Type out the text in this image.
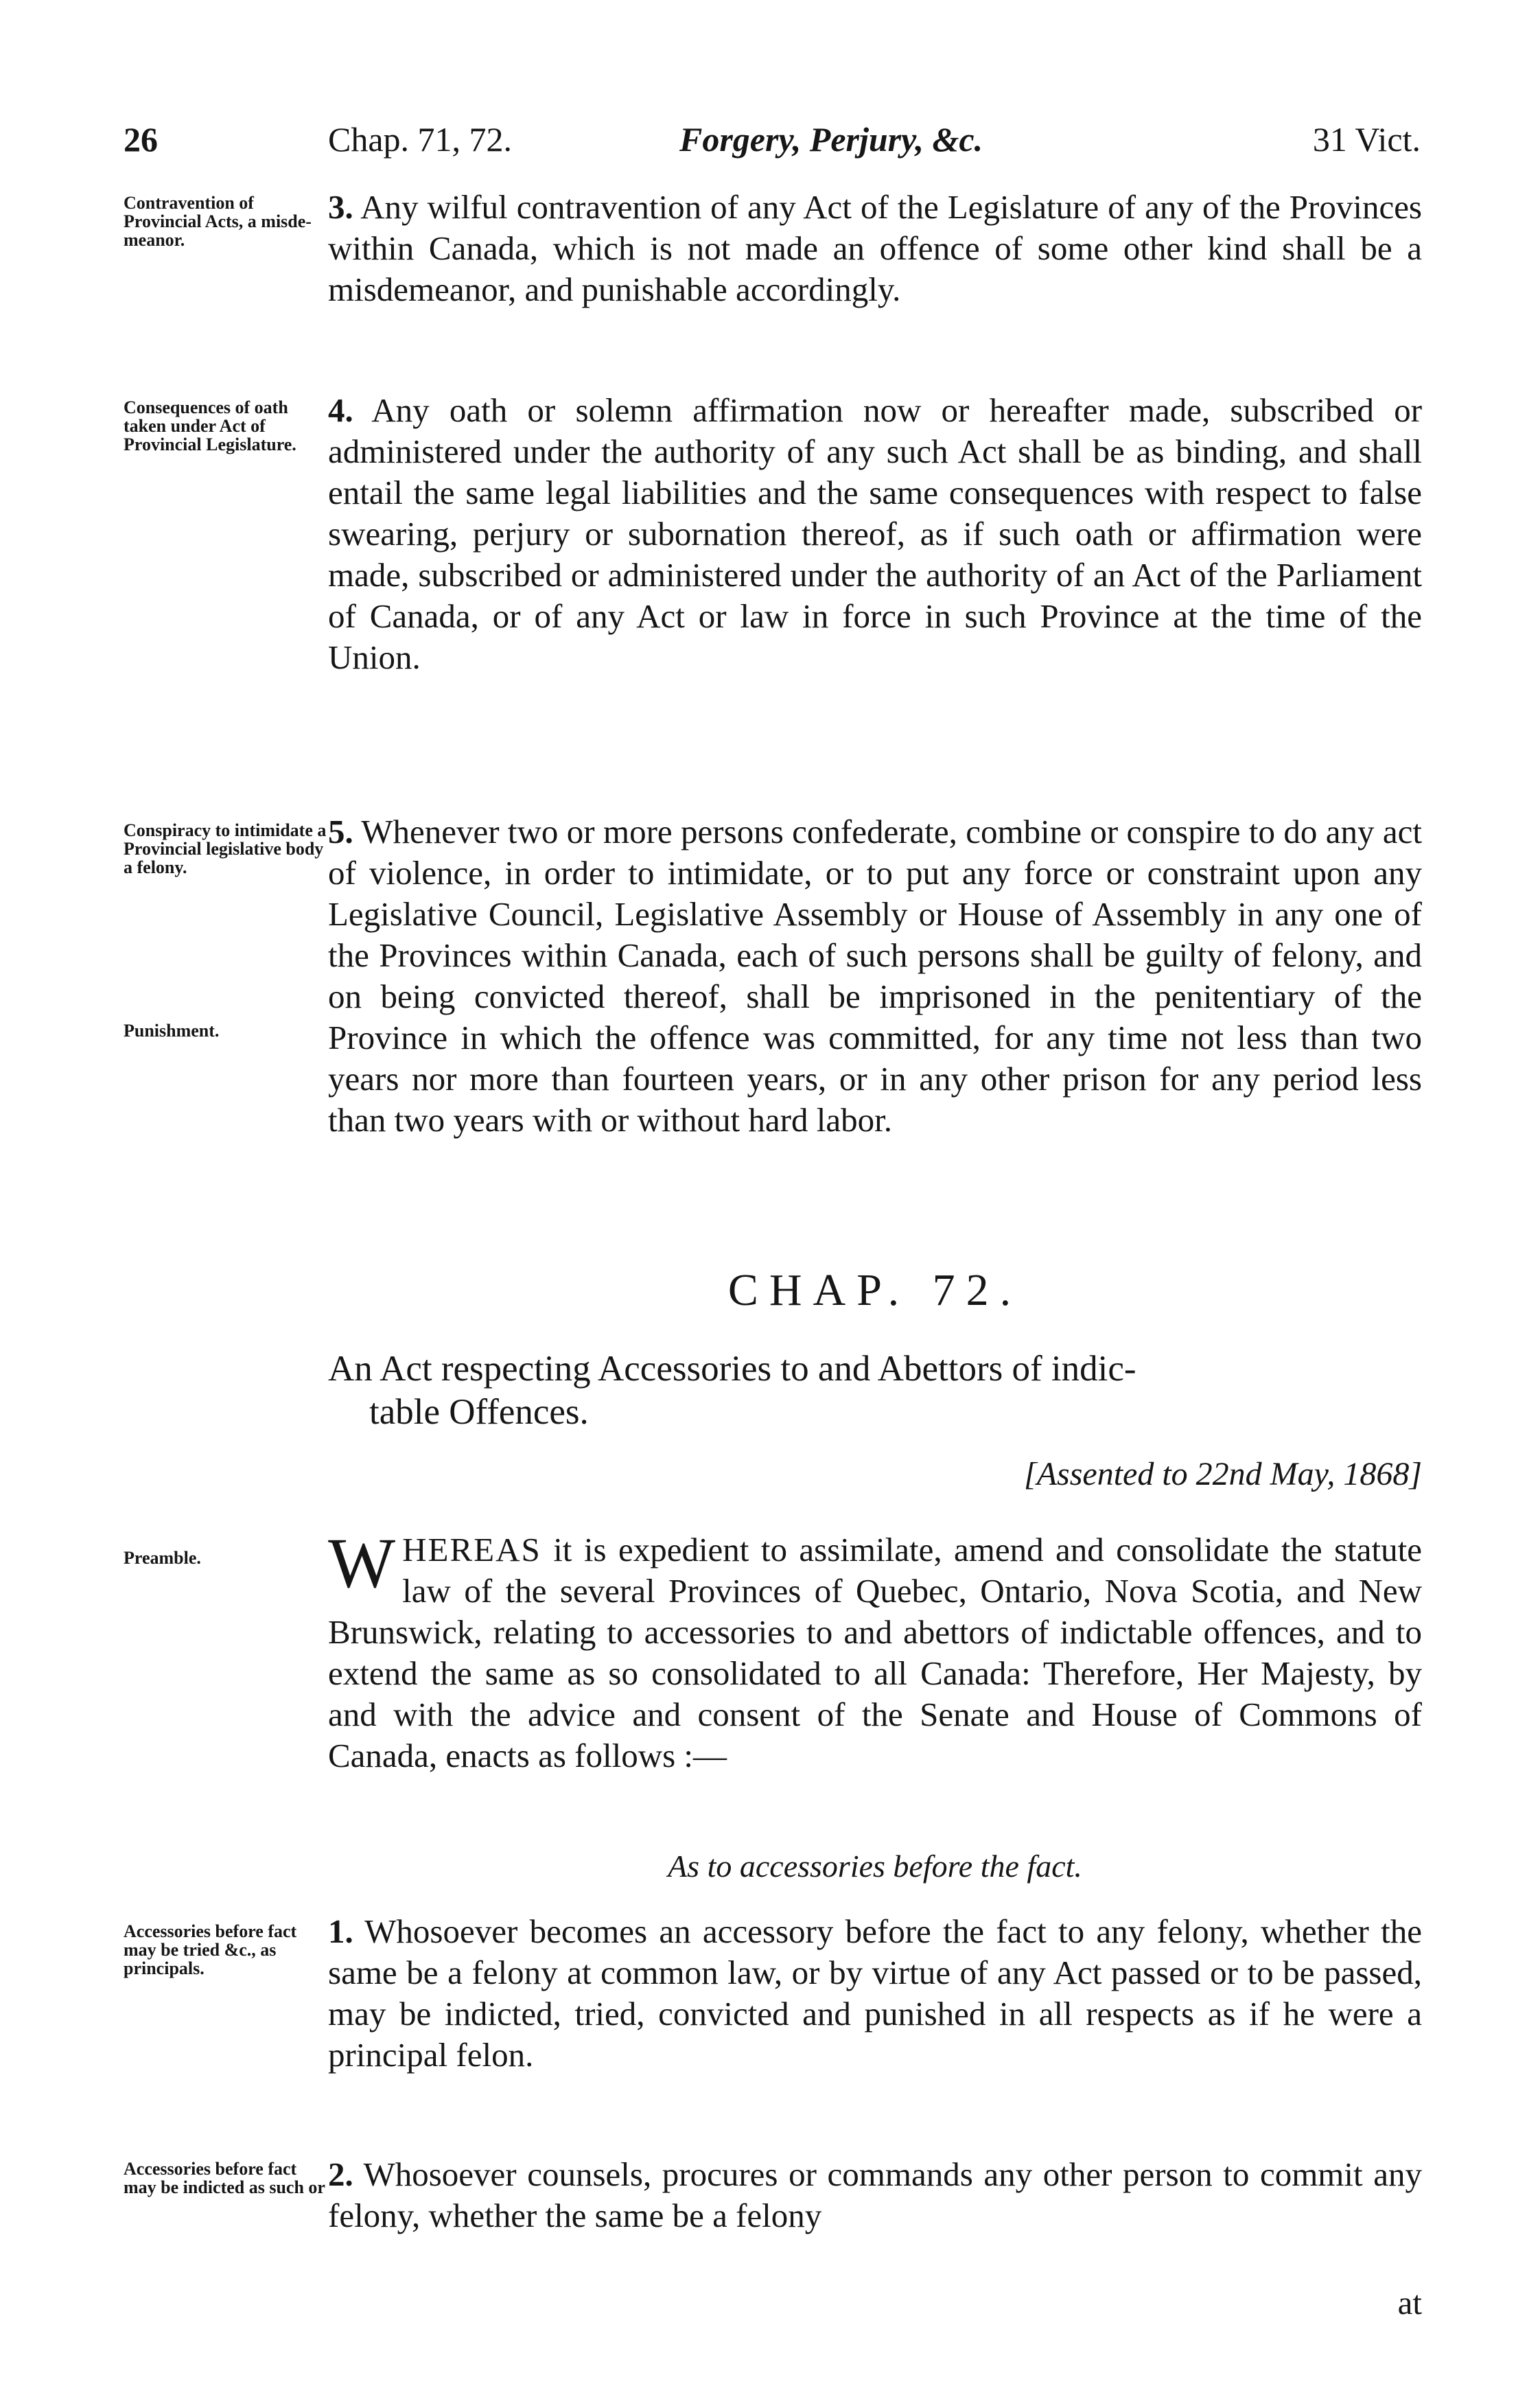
26	Chap. 71, 72.	Forgery, Perjury, &c.	31 Vict.
Contravention of Provincial Acts, a misde-meanor.

3. Any wilful contravention of any Act of the Legislature of any of the Provinces within Canada, which is not made an offence of some other kind shall be a misdemeanor, and punishable accordingly.

Consequences of oath taken under Act of Provincial Legislature.

4. Any oath or solemn affirmation now or hereafter made, subscribed or administered under the authority of any such Act shall be as binding, and shall entail the same legal liabilities and the same consequences with respect to false swearing, perjury or subornation thereof, as if such oath or affirmation were made, subscribed or administered under the authority of an Act of the Parliament of Canada, or of any Act or law in force in such Province at the time of the Union.

Conspiracy to intimidate a Provincial legislative body a felony.
Punishment.

5. Whenever two or more persons confederate, combine or conspire to do any act of violence, in order to intimidate, or to put any force or constraint upon any Legislative Council, Legislative Assembly or House of Assembly in any one of the Provinces within Canada, each of such persons shall be guilty of felony, and on being convicted thereof, shall be imprisoned in the penitentiary of the Province in which the offence was committed, for any time not less than two years nor more than fourteen years, or in any other prison for any period less than two years with or without hard labor.

CHAP. 72.
An Act respecting Accessories to and Abettors of indic-
table Offences.
[Assented to 22nd May, 1868]
Preamble.	WHEREAS it is expedient to assimilate, amend and consolidate the statute law of the several Provinces of Quebec, Ontario, Nova Scotia, and New Brunswick, relating to accessories to and abettors of indictable offences, and to extend the same as so consolidated to all Canada: Therefore, Her Majesty, by and with the advice and consent of the Senate and House of Commons of Canada, enacts as follows :—

As to accessories before the fact.
Accessories before fact may be tried &c., as principals.

1. Whosoever becomes an accessory before the fact to any felony, whether the same be a felony at common law, or by virtue of any Act passed or to be passed, may be indicted, tried, convicted and punished in all respects as if he were a principal felon.

Accessories before fact may be indicted as such or 2. Whosoever counsels, procures or commands any other person to commit any felony, whether the same be a felony

at
